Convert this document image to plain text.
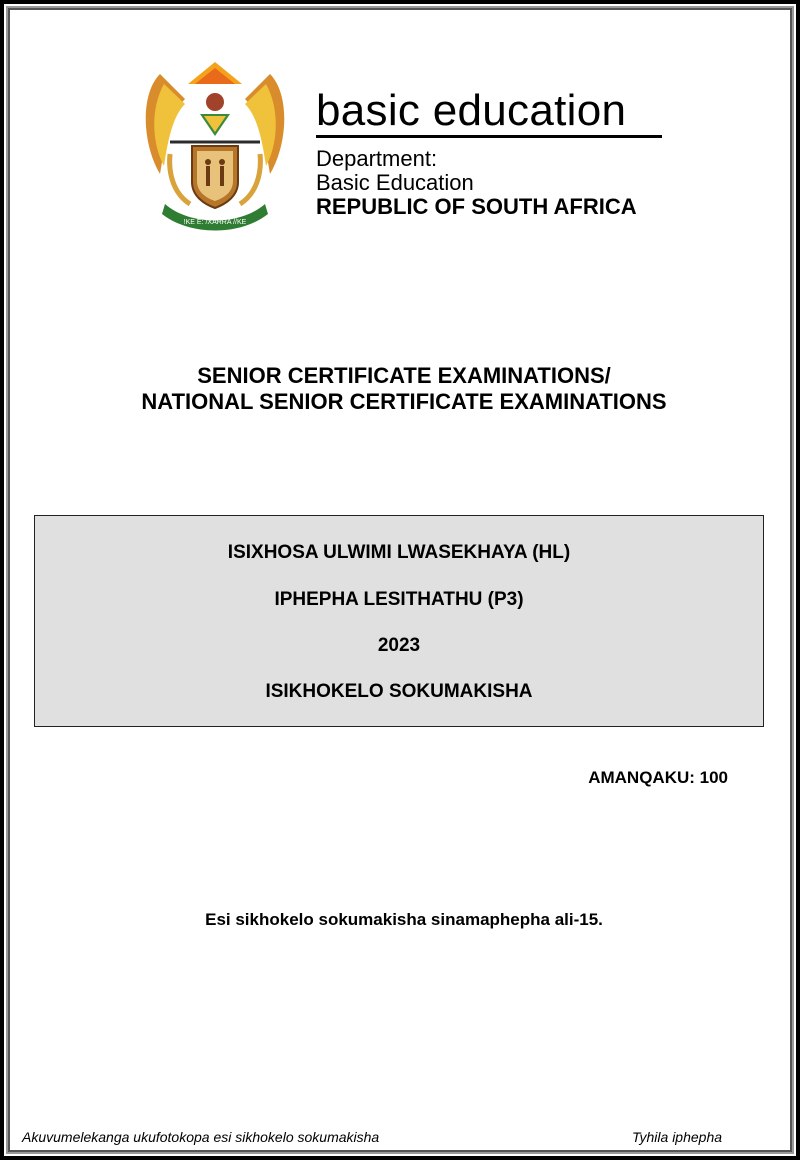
!KE E: /XARRA //KE
basic education
Department:
Basic Education
REPUBLIC OF SOUTH AFRICA
SENIOR CERTIFICATE EXAMINATIONS/
NATIONAL SENIOR CERTIFICATE EXAMINATIONS
ISIXHOSA ULWIMI LWASEKHAYA (HL)
IPHEPHA LESITHATHU (P3)
2023
ISIKHOKELO SOKUMAKISHA
AMANQAKU: 100
Esi sikhokelo sokumakisha sinamaphepha ali-15.
Akuvumelekanga ukufotokopa esi sikhokelo sokumakisha	Tyhila iphepha
